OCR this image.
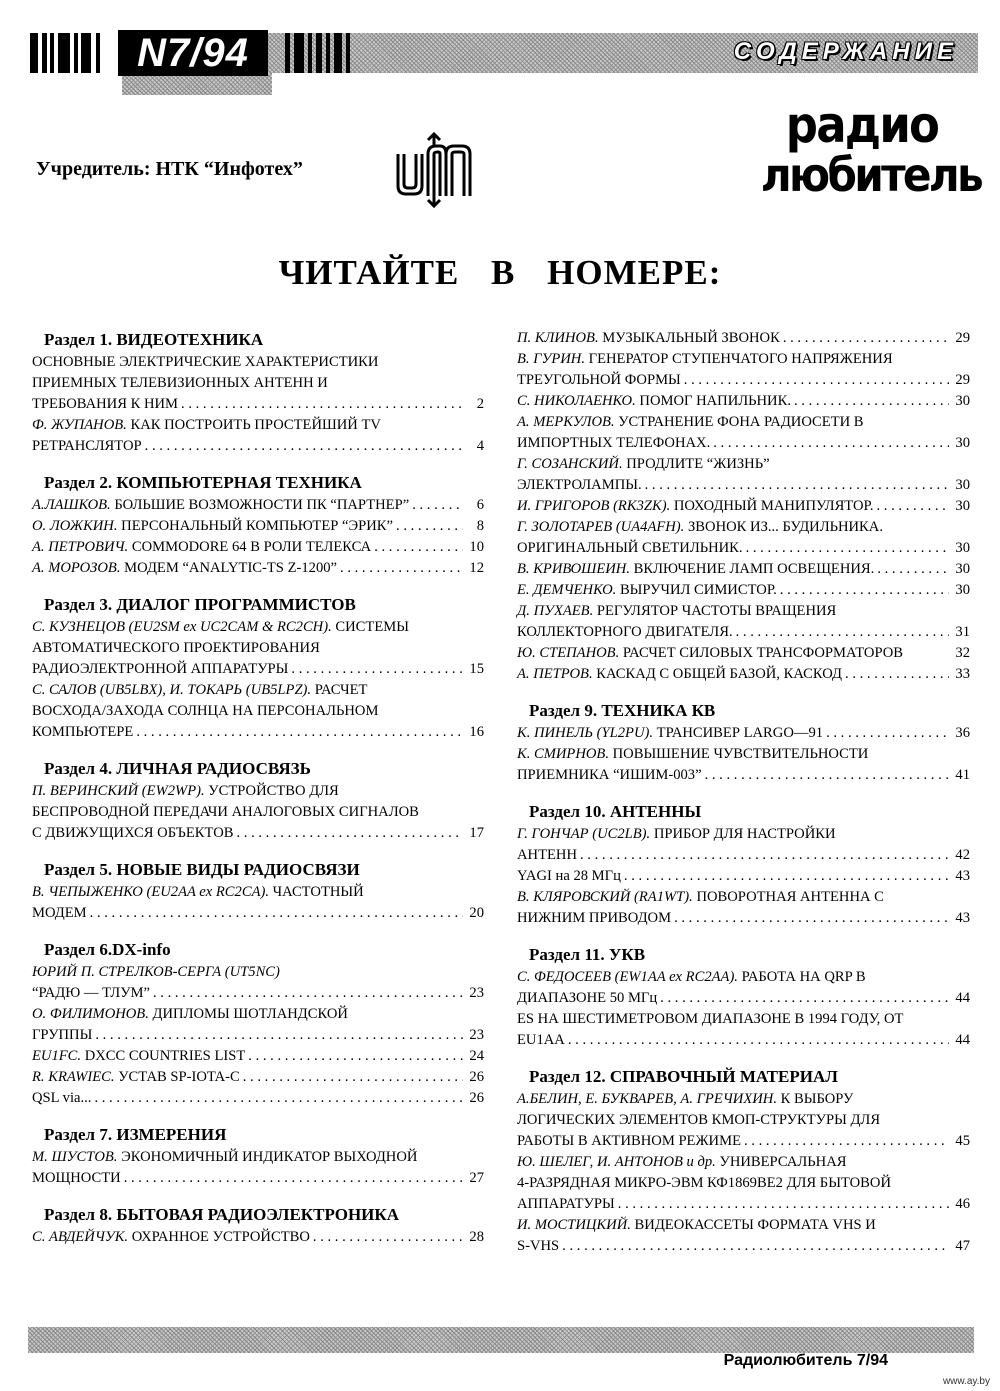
N7/94	СОДЕРЖАНИЕ
Учредитель: НТК “Инфотех”
радио
любитель
ЧИТАЙТЕ В НОМЕРЕ:
Раздел 1. ВИДЕОТЕХНИКА
ОСНОВНЫЕ ЭЛЕКТРИЧЕСКИЕ ХАРАКТЕРИСТИКИ
ПРИЕМНЫХ ТЕЛЕВИЗИОННЫХ АНТЕНН И
ТРЕБОВАНИЯ К НИМ . . .	2
Ф. ЖУПАНОВ. КАК ПОСТРОИТЬ ПРОСТЕЙШИЙ TV
РЕТРАНСЛЯТОР . . .	4
Раздел 2. КОМПЬЮТЕРНАЯ ТЕХНИКА
А.ЛАШКОВ. БОЛЬШИЕ ВОЗМОЖНОСТИ ПК “ПАРТНЕР” . . .	6
О. ЛОЖКИН. ПЕРСОНАЛЬНЫЙ КОМПЬЮТЕР “ЭРИК” . . .	8
А. ПЕТРОВИЧ. COMMODORE 64 В РОЛИ ТЕЛЕКСА . . .	10
А. МОРОЗОВ. МОДЕМ “ANALYTIC-TS Z-1200” . . .	12
Раздел 3. ДИАЛОГ ПРОГРАММИСТОВ
С. КУЗНЕЦОВ (EU2SM ex UC2CAM & RC2CH). СИСТЕМЫ
АВТОМАТИЧЕСКОГО ПРОЕКТИРОВАНИЯ
РАДИОЭЛЕКТРОННОЙ АППАРАТУРЫ . . .	15
С. САЛОВ (UB5LBX), И. ТОКАРЬ (UB5LPZ). РАСЧЕТ
ВОСХОДА/ЗАХОДА СОЛНЦА НА ПЕРСОНАЛЬНОМ
КОМПЬЮТЕРЕ . . .	16
Раздел 4. ЛИЧНАЯ РАДИОСВЯЗЬ
П. ВЕРИНСКИЙ (EW2WP). УСТРОЙСТВО ДЛЯ
БЕСПРОВОДНОЙ ПЕРЕДАЧИ АНАЛОГОВЫХ СИГНАЛОВ
С ДВИЖУЩИХСЯ ОБЪЕКТОВ . . .	17
Раздел 5. НОВЫЕ ВИДЫ РАДИОСВЯЗИ
В. ЧЕПЫЖЕНКО (EU2AA ex RC2CA). ЧАСТОТНЫЙ
МОДЕМ . . .	20
Раздел 6.DX-info
ЮРИЙ П. СТРЕЛКОВ-СЕРГА (UT5NC)
“РАДЮ — ТЛУМ” . . .	23
О. ФИЛИМОНОВ. ДИПЛОМЫ ШОТЛАНДСКОЙ
ГРУППЫ . . .	23
EU1FC. DXCC COUNTRIES LIST . . .	24
R. KRAWIEC. УСТАВ SP-IOTA-C . . .	26
QSL via... . . .	26
Раздел 7. ИЗМЕРЕНИЯ
М. ШУСТОВ. ЭКОНОМИЧНЫЙ ИНДИКАТОР ВЫХОДНОЙ
МОЩНОСТИ . . .	27
Раздел 8. БЫТОВАЯ РАДИОЭЛЕКТРОНИКА
С. АВДЕЙЧУК. ОХРАННОЕ УСТРОЙСТВО . . .	28
П. КЛИНОВ. МУЗЫКАЛЬНЫЙ ЗВОНОК . . .	29
В. ГУРИН. ГЕНЕРАТОР СТУПЕНЧАТОГО НАПРЯЖЕНИЯ
ТРЕУГОЛЬНОЙ ФОРМЫ . . .	29
С. НИКОЛАЕНКО. ПОМОГ НАПИЛЬНИК. . . .	30
А. МЕРКУЛОВ. УСТРАНЕНИЕ ФОНА РАДИОСЕТИ В
ИМПОРТНЫХ ТЕЛЕФОНАХ. . . .	30
Г. СОЗАНСКИЙ. ПРОДЛИТЕ “ЖИЗНЬ”
ЭЛЕКТРОЛАМПЫ. . . .	30
И. ГРИГОРОВ (RK3ZK). ПОХОДНЫЙ МАНИПУЛЯТОР. . . .	30
Г. ЗОЛОТАРЕВ (UA4AFH). ЗВОНОК ИЗ... БУДИЛЬНИКА.
ОРИГИНАЛЬНЫЙ СВЕТИЛЬНИК. . . .	30
В. КРИВОШЕИН. ВКЛЮЧЕНИЕ ЛАМП ОСВЕЩЕНИЯ. . . .	30
Е. ДЕМЧЕНКО. ВЫРУЧИЛ СИМИСТОР. . . .	30
Д. ПУХАЕВ. РЕГУЛЯТОР ЧАСТОТЫ ВРАЩЕНИЯ
КОЛЛЕКТОРНОГО ДВИГАТЕЛЯ. . . .	31
Ю. СТЕПАНОВ. РАСЧЕТ СИЛОВЫХ ТРАНСФОРМАТОРОВ	32
А. ПЕТРОВ. КАСКАД С ОБЩЕЙ БАЗОЙ, КАСКОД . . .	33
Раздел 9. ТЕХНИКА КВ
К. ПИНЕЛЬ (YL2PU). ТРАНСИВЕР LARGO—91 . . .	36
К. СМИРНОВ. ПОВЫШЕНИЕ ЧУВСТВИТЕЛЬНОСТИ
ПРИЕМНИКА “ИШИМ-003” . . .	41
Раздел 10. АНТЕННЫ
Г. ГОНЧАР (UC2LB). ПРИБОР ДЛЯ НАСТРОЙКИ
АНТЕНН . . .	42
YAGI на 28 МГц . . .	43
В. КЛЯРОВСКИЙ (RA1WT). ПОВОРОТНАЯ АНТЕННА С
НИЖНИМ ПРИВОДОМ . . .	43
Раздел 11. УКВ
С. ФЕДОСЕЕВ (EW1AA ex RC2AA). РАБОТА НА QRP В
ДИАПАЗОНЕ 50 МГц . . .	44
ES НА ШЕСТИМЕТРОВОМ ДИАПАЗОНЕ В 1994 ГОДУ, ОТ
EU1AA . . .	44
Раздел 12. СПРАВОЧНЫЙ МАТЕРИАЛ
А.БЕЛИН, Е. БУКВАРЕВ, А. ГРЕЧИХИН. К ВЫБОРУ
ЛОГИЧЕСКИХ ЭЛЕМЕНТОВ КМОП-СТРУКТУРЫ ДЛЯ
РАБОТЫ В АКТИВНОМ РЕЖИМЕ . . .	45
Ю. ШЕЛЕГ, И. АНТОНОВ и др. УНИВЕРСАЛЬНАЯ
4-РАЗРЯДНАЯ МИКРО-ЭВМ КФ1869ВЕ2 ДЛЯ БЫТОВОЙ
АППАРАТУРЫ . . .	46
И. МОСТИЦКИЙ. ВИДЕОКАССЕТЫ ФОРМАТА VHS И
S-VHS . . .	47
Радиолюбитель 7/94
www.ay.by
